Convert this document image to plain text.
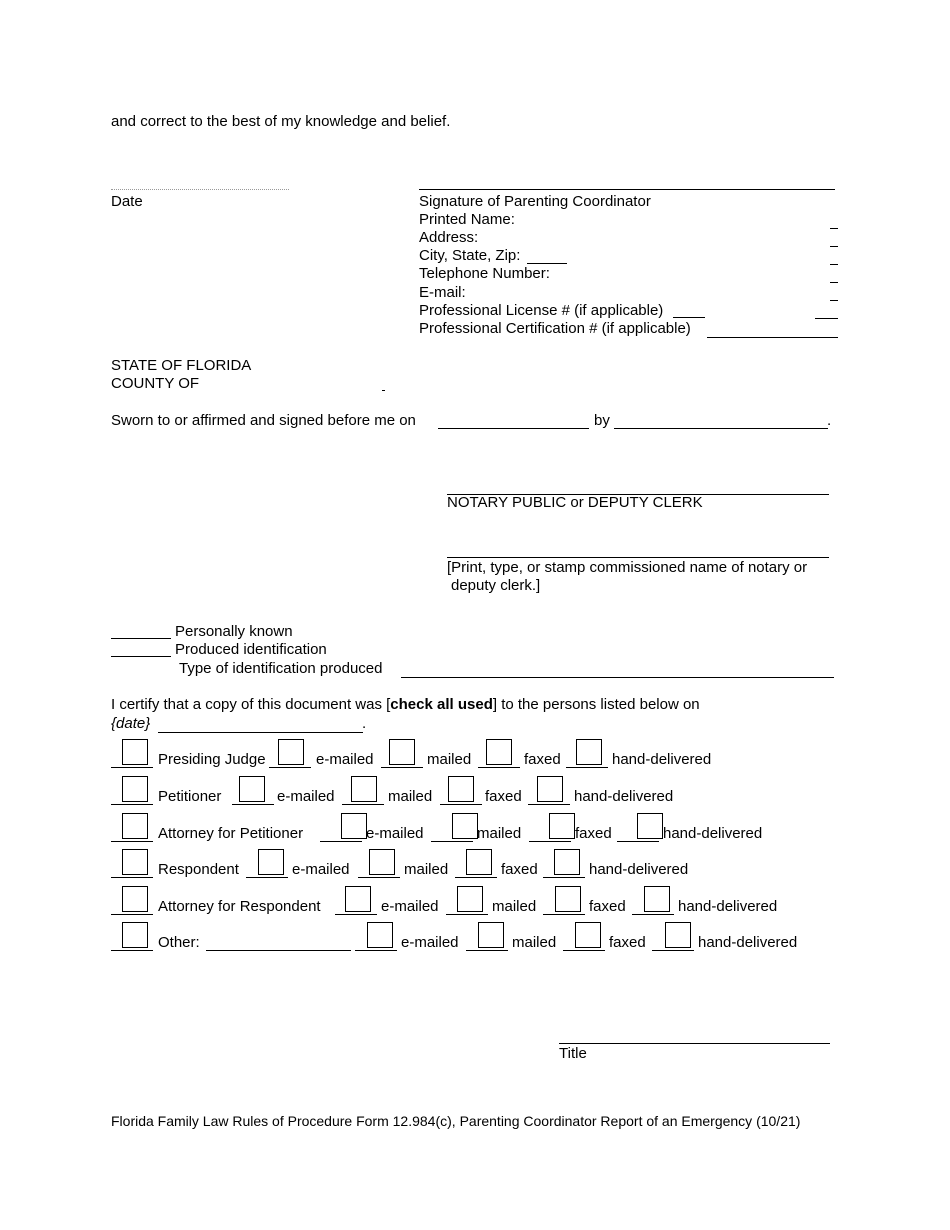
and correct to the best of my knowledge and belief.
Date	Signature of Parenting Coordinator
Printed Name:
Address:
City, State, Zip:
Telephone Number:
E-mail:
Professional License # (if applicable)
Professional Certification # (if applicable)
STATE OF FLORIDA
COUNTY OF
Sworn to or affirmed and signed before me on	by	.
NOTARY PUBLIC or DEPUTY CLERK
[Print, type, or stamp commissioned name of notary or
deputy clerk.]
Personally known
Produced identification
Type of identification produced
I certify that a copy of this document was [check all used] to the persons listed below on
{date}	.
Presiding Judge	e-mailed	mailed	faxed	hand-delivered
Petitioner	e-mailed	mailed	faxed	hand-delivered
Attorney for Petitioner	e-mailed	mailed	faxed	hand-delivered
Respondent	e-mailed	mailed	faxed	hand-delivered
Attorney for Respondent	e-mailed	mailed	faxed	hand-delivered
Other:	e-mailed	mailed	faxed	hand-delivered
Title
Florida Family Law Rules of Procedure Form 12.984(c), Parenting Coordinator Report of an Emergency (10/21)
